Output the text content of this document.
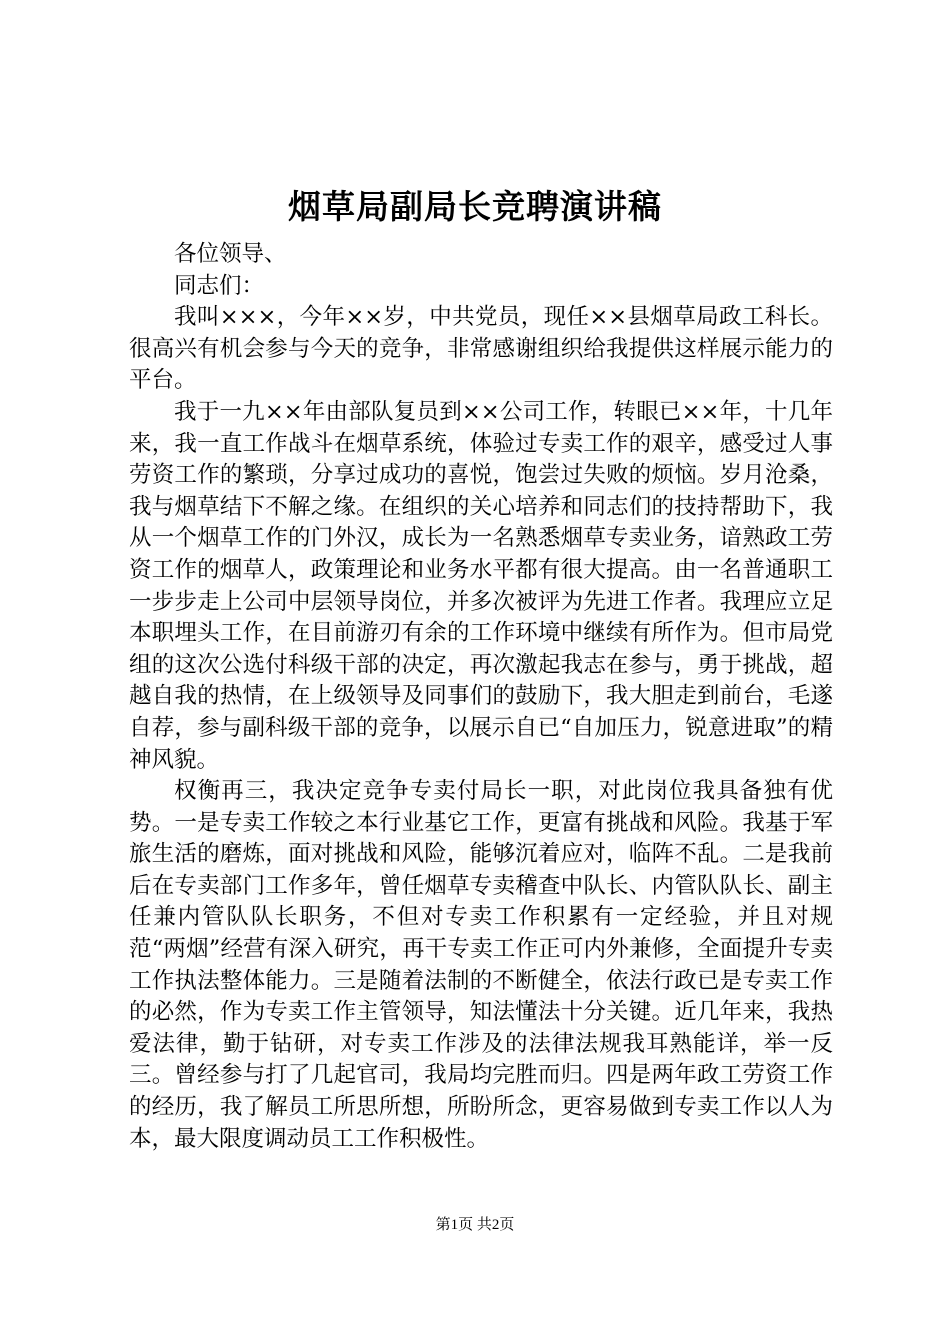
烟草局副局长竞聘演讲稿

各位领导、

同志们：

我叫×××，今年××岁，中共党员，现任××县烟草局政工科长。很高兴有机会参与今天的竞争，非常感谢组织给我提供这样展示能力的平台。

我于一九××年由部队复员到××公司工作，转眼已××年，十几年来，我一直工作战斗在烟草系统，体验过专卖工作的艰辛，感受过人事劳资工作的繁琐，分享过成功的喜悦，饱尝过失败的烦恼。岁月沧桑，我与烟草结下不解之缘。在组织的关心培养和同志们的技持帮助下，我从一个烟草工作的门外汉，成长为一名熟悉烟草专卖业务，谙熟政工劳资工作的烟草人，政策理论和业务水平都有很大提高。由一名普通职工一步步走上公司中层领导岗位，并多次被评为先进工作者。我理应立足本职埋头工作，在目前游刃有余的工作环境中继续有所作为。但市局党组的这次公选付科级干部的决定，再次激起我志在参与，勇于挑战，超越自我的热情，在上级领导及同事们的鼓励下，我大胆走到前台，毛遂自荐，参与副科级干部的竞争，以展示自已“自加压力，锐意进取”的精神风貌。

权衡再三，我决定竞争专卖付局长一职，对此岗位我具备独有优势。一是专卖工作较之本行业基它工作，更富有挑战和风险。我基于军旅生活的磨炼，面对挑战和风险，能够沉着应对，临阵不乱。二是我前后在专卖部门工作多年，曾任烟草专卖稽查中队长、内管队队长、副主任兼内管队队长职务，不但对专卖工作积累有一定经验，并且对规范“两烟”经营有深入研究，再干专卖工作正可内外兼修，全面提升专卖工作执法整体能力。三是随着法制的不断健全，依法行政已是专卖工作的必然，作为专卖工作主管领导，知法懂法十分关键。近几年来，我热爱法律，勤于钻研，对专卖工作涉及的法律法规我耳熟能详，举一反三。曾经参与打了几起官司，我局均完胜而归。四是两年政工劳资工作的经历，我了解员工所思所想，所盼所念，更容易做到专卖工作以人为本，最大限度调动员工工作积极性。

第1页 共2页
